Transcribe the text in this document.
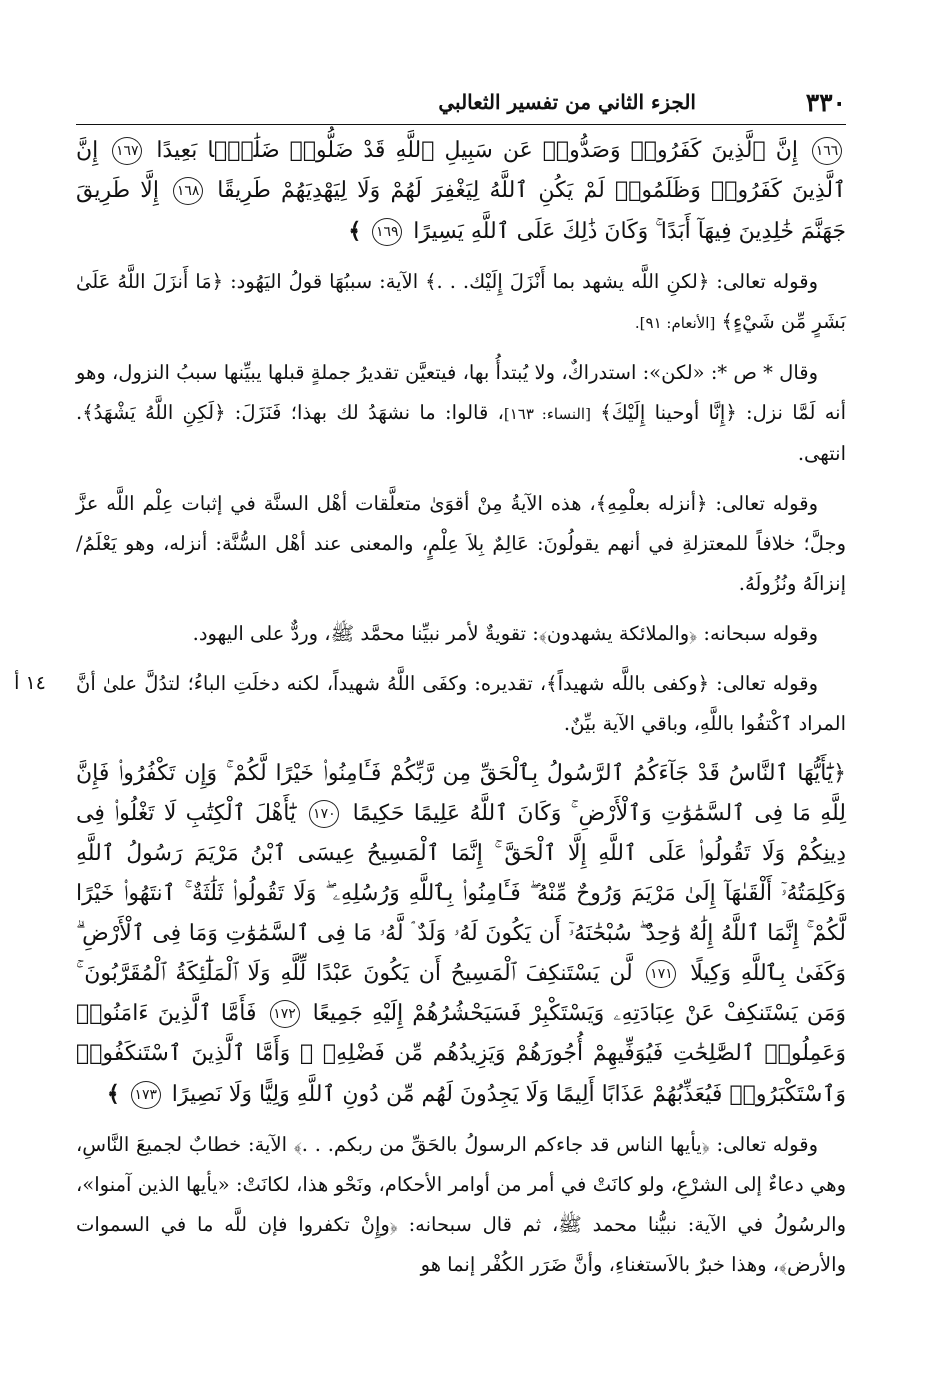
٣٣٠
الجزء الثاني من تفسير الثعالبي
١٦٦ إِنَّ ٱلَّذِينَ كَفَرُوا۟ وَصَدُّوا۟ عَن سَبِيلِ ٱللَّهِ قَدْ ضَلُّوا۟ ضَلَٰلًۢا بَعِيدًا ١٦٧ إِنَّ ٱلَّذِينَ كَفَرُوا۟ وَظَلَمُوا۟ لَمْ يَكُنِ ٱللَّهُ لِيَغْفِرَ لَهُمْ وَلَا لِيَهْدِيَهُمْ طَرِيقًا ١٦٨ إِلَّا طَرِيقَ جَهَنَّمَ خَٰلِدِينَ فِيهَآ أَبَدًا ۚ وَكَانَ ذَٰلِكَ عَلَى ٱللَّهِ يَسِيرًا ١٦٩ ﴾

وقوله تعالى: ﴿لكنِ اللَّه يشهد بما أَنْزَلَ إِلَيْك. . .﴾ الآية: سببُهَا قولُ اليَهُود: ﴿مَا أَنزَلَ اللَّهُ عَلَىٰ بَشَرٍ مِّن شَيْءٍ﴾ [الأنعام: ٩١].

وقال * ص *: «لكن»: استدراكٌ، ولا يُبتدأُ بها، فيتعيَّن تقديرُ جملةٍ قبلها يبيِّنها سببُ النزول، وهو أنه لَمَّا نزل: ﴿إِنَّا أوحينا إِلَيْكَ﴾ [النساء: ١٦٣]، قالوا: ما نشهَدُ لك بهذا؛ فَنَزَلَ: ﴿لَكِنِ اللَّهُ يَشْهَدُ﴾. انتهى.

وقوله تعالى: ﴿أنزله بعلْمِهِ﴾، هذه الآيةُ مِنْ أقوَىٰ متعلَّقات أهْل السنَّة في إثبات عِلْم اللَّه عزَّ وجلَّ؛ خلافاً للمعتزلةِ في أنهم يقولُونَ: عَالِمٌ بِلاَ عِلْمٍ، والمعنى عند أهْل السُّنَّة: أنزله، وهو يَعْلَمُ/ إنزالَهُ ونُزُولَهُ.

وقوله سبحانه: ﴿والملائكة يشهدون﴾: تقويةٌ لأمر نبيِّنا محمَّد ﷺ، وردٌّ على اليهود.

وقوله تعالى: ﴿وكفى باللَّه شهيداً﴾، تقديره: وكفَى اللَّهُ شهيداً، لكنه دخلَتِ الباءُ؛ لتدُلَّ علىٰ أنَّ المراد ٱكْتفُوا باللَّهِ، وباقي الآية بيِّنٌ.

﴿يَٰٓأَيُّهَا ٱلنَّاسُ قَدْ جَآءَكُمُ ٱلرَّسُولُ بِٱلْحَقِّ مِن رَّبِّكُمْ فَـَٔامِنُوا۟ خَيْرًا لَّكُمْ ۚ وَإِن تَكْفُرُوا۟ فَإِنَّ لِلَّهِ مَا فِى ٱلسَّمَٰوَٰتِ وَٱلْأَرْضِ ۚ وَكَانَ ٱللَّهُ عَلِيمًا حَكِيمًا ١٧٠ يَٰٓأَهْلَ ٱلْكِتَٰبِ لَا تَغْلُوا۟ فِى دِينِكُمْ وَلَا تَقُولُوا۟ عَلَى ٱللَّهِ إِلَّا ٱلْحَقَّ ۚ إِنَّمَا ٱلْمَسِيحُ عِيسَى ٱبْنُ مَرْيَمَ رَسُولُ ٱللَّهِ وَكَلِمَتُهُۥٓ أَلْقَىٰهَآ إِلَىٰ مَرْيَمَ وَرُوحٌ مِّنْهُ ۖ فَـَٔامِنُوا۟ بِٱللَّهِ وَرُسُلِهِۦ ۖ وَلَا تَقُولُوا۟ ثَلَٰثَةٌ ۚ ٱنتَهُوا۟ خَيْرًا لَّكُمْ ۚ إِنَّمَا ٱللَّهُ إِلَٰهٌ وَٰحِدٌ ۖ سُبْحَٰنَهُۥٓ أَن يَكُونَ لَهُۥ وَلَدٌ ۘ لَّهُۥ مَا فِى ٱلسَّمَٰوَٰتِ وَمَا فِى ٱلْأَرْضِ ۗ وَكَفَىٰ بِٱللَّهِ وَكِيلًا ١٧١ لَّن يَسْتَنكِفَ ٱلْمَسِيحُ أَن يَكُونَ عَبْدًا لِّلَّهِ وَلَا ٱلْمَلَٰٓئِكَةُ ٱلْمُقَرَّبُونَ ۚ وَمَن يَسْتَنكِفْ عَنْ عِبَادَتِهِۦ وَيَسْتَكْبِرْ فَسَيَحْشُرُهُمْ إِلَيْهِ جَمِيعًا ١٧٢ فَأَمَّا ٱلَّذِينَ ءَامَنُوا۟ وَعَمِلُوا۟ ٱلصَّٰلِحَٰتِ فَيُوَفِّيهِمْ أُجُورَهُمْ وَيَزِيدُهُم مِّن فَضْلِهِۦ ۖ وَأَمَّا ٱلَّذِينَ ٱسْتَنكَفُوا۟ وَٱسْتَكْبَرُوا۟ فَيُعَذِّبُهُمْ عَذَابًا أَلِيمًا وَلَا يَجِدُونَ لَهُم مِّن دُونِ ٱللَّهِ وَلِيًّا وَلَا نَصِيرًا ١٧٣ ﴾

وقوله تعالى: ﴿يأيها الناس قد جاءكم الرسولُ بالحَقِّ من ربكم. . .﴾ الآية: خطابٌ لجميعَ النَّاسِ، وهي دعاءٌ إلى الشرْعِ، ولو كانَتْ في أمر من أوامر الأحكام، ونَحْو هذا، لكانَتْ: «يأيها الذين آمنوا»، والرسُولُ في الآية: نبيُّنا محمد ﷺ، ثم قال سبحانه: ﴿وإِنْ تكفروا فإن للَّه ما في السموات والأرض﴾، وهذا خبرٌ بالاَستغناءِ، وأنَّ ضَرَر الكُفْر إنما هو

١٤ أ
